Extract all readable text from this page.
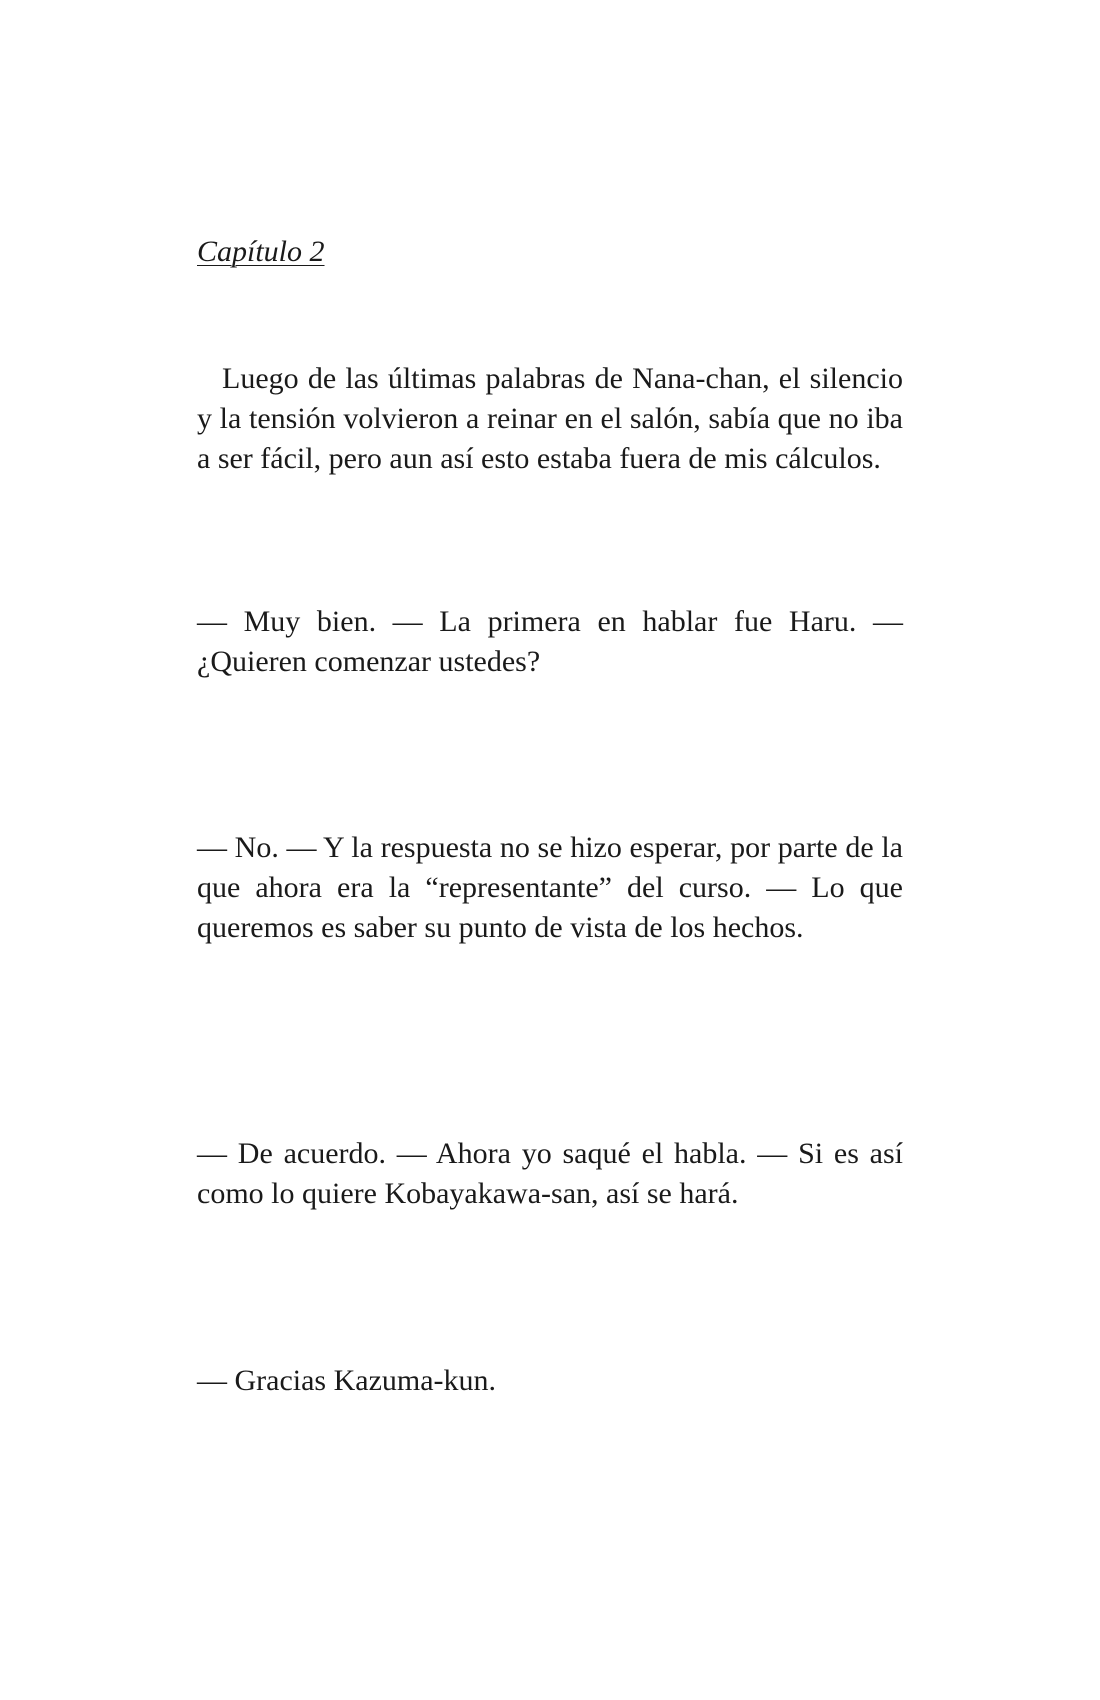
Capítulo 2

Luego de las últimas palabras de Nana-chan, el silencio y la tensión volvieron a reinar en el salón, sabía que no iba a ser fácil, pero aun así esto estaba fuera de mis cálculos.

— Muy bien. — La primera en hablar fue Haru. — ¿Quieren comenzar ustedes?

— No. — Y la respuesta no se hizo esperar, por parte de la que ahora era la “representante” del curso. — Lo que queremos es saber su punto de vista de los hechos.

— De acuerdo. — Ahora yo saqué el habla. — Si es así como lo quiere Kobayakawa-san, así se hará.

— Gracias Kazuma-kun.
